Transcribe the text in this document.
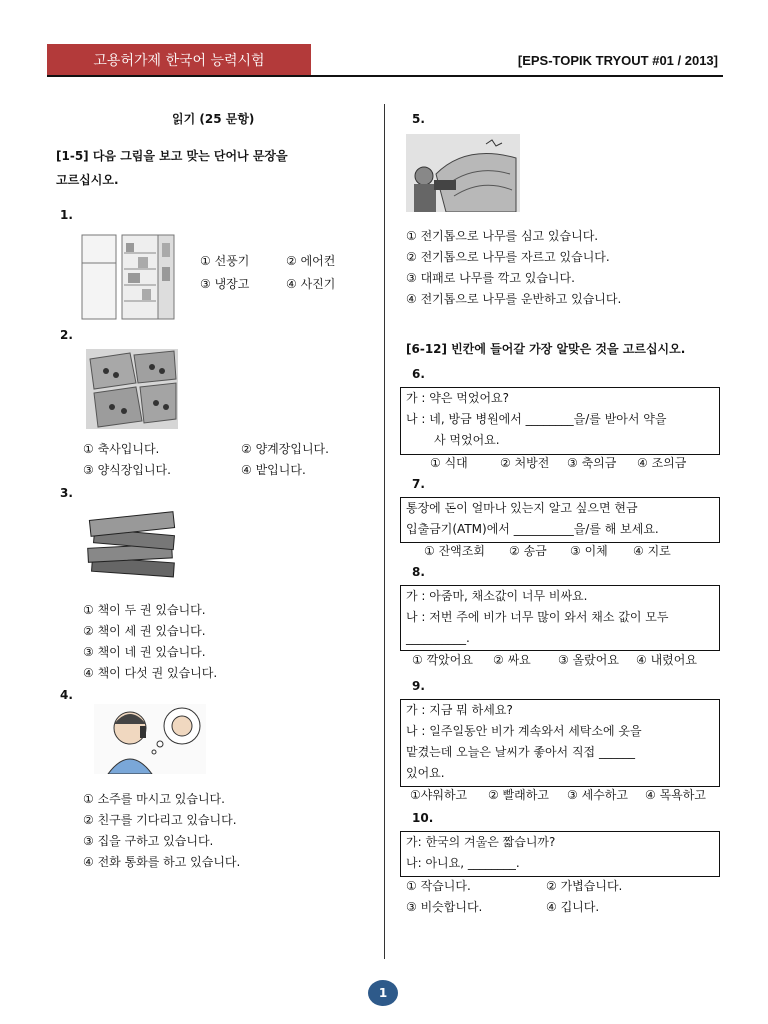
고용허가제 한국어 능력시험	[EPS-TOPIK TRYOUT #01 / 2013]
읽기 (25 문항)
[1-5] 다음 그림을 보고 맞는 단어나 문장을
고르십시오.
1.
① 선풍기	② 에어컨
③ 냉장고	④ 사진기
2.
① 축사입니다.	② 양계장입니다.
③ 양식장입니다.	④ 밭입니다.
3.
① 책이 두 권 있습니다.
② 책이 세 권 있습니다.
③ 책이 네 권 있습니다.
④ 책이 다섯 권 있습니다.
4.
① 소주를 마시고 있습니다.
② 친구를 기다리고 있습니다.
③ 집을 구하고 있습니다.
④ 전화 통화를 하고 있습니다.
5.
① 전기톱으로 나무를 심고 있습니다.
② 전기톱으로 나무를 자르고 있습니다.
③ 대패로 나무를 깍고 있습니다.
④ 전기톱으로 나무를 운반하고 있습니다.
[6-12] 빈칸에 들어갈 가장 알맞은 것을 고르십시오.
6.
가 : 약은 먹었어요?
나 : 네, 방금 병원에서 ________을/를 받아서 약을
사 먹었어요.
① 식대	② 처방전 ③ 축의금 ④ 조의금
7.
통장에 돈이 얼마나 있는지 알고 싶으면 현금
입출금기(ATM)에서 __________을/를 해 보세요.
① 잔액조회 ② 송금 ③ 이체 ④ 지로
8.
가 : 아줌마, 채소값이 너무 비싸요.
나 : 저번 주에 비가 너무 많이 와서 채소 값이 모두
__________.
① 깍았어요 ② 싸요 ③ 올랐어요 ④ 내렸어요
9.
가 : 지금 뭐 하세요?
나 : 일주일동안 비가 계속와서 세탁소에 옷을
맡겼는데 오늘은 날씨가 좋아서 직접 ______
있어요.
①샤워하고 ② 빨래하고 ③ 세수하고 ④ 목욕하고
10.
가: 한국의 겨울은 짧습니까?
나: 아니요, ________.
① 작습니다.	② 가볍습니다.
③ 비슷합니다.	④ 깁니다.
1
